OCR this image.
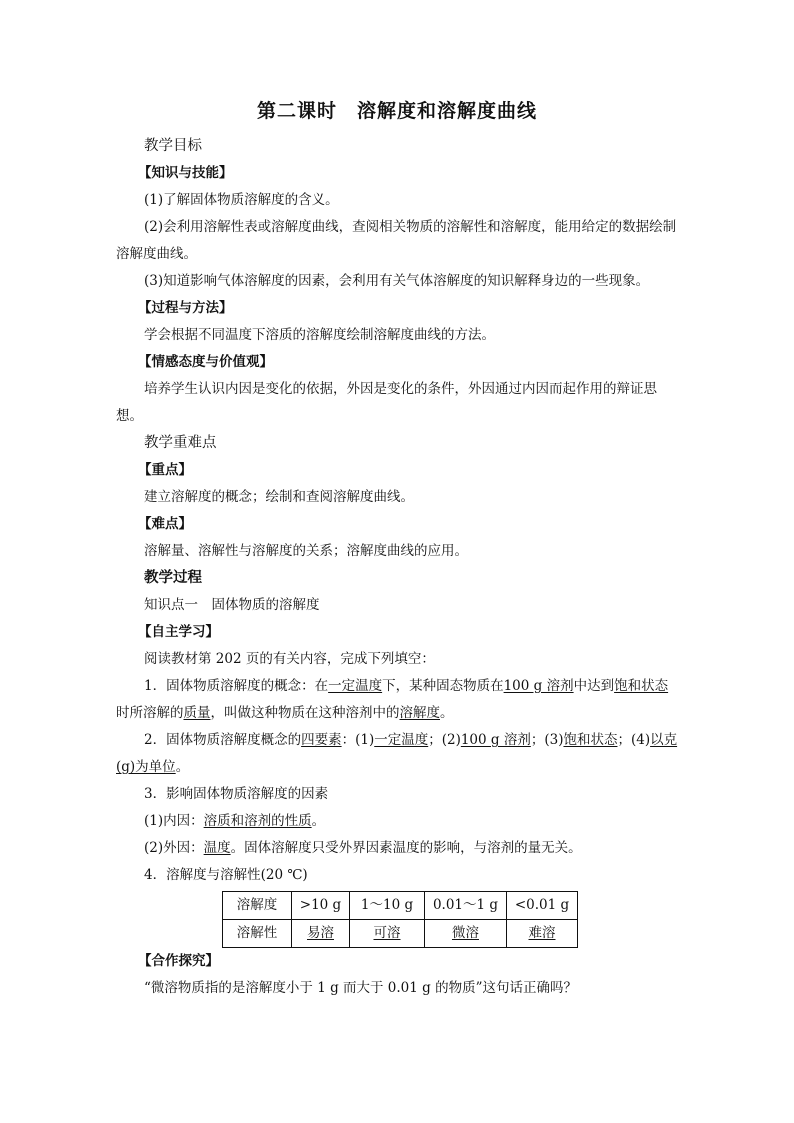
第二课时　溶解度和溶解度曲线

教学目标

【知识与技能】

(1)了解固体物质溶解度的含义。

(2)会利用溶解性表或溶解度曲线，查阅相关物质的溶解性和溶解度，能用给定的数据绘制溶解度曲线。

(3)知道影响气体溶解度的因素，会利用有关气体溶解度的知识解释身边的一些现象。

【过程与方法】

学会根据不同温度下溶质的溶解度绘制溶解度曲线的方法。

【情感态度与价值观】

培养学生认识内因是变化的依据，外因是变化的条件，外因通过内因而起作用的辩证思想。

教学重难点

【重点】

建立溶解度的概念；绘制和查阅溶解度曲线。

【难点】

溶解量、溶解性与溶解度的关系；溶解度曲线的应用。

教学过程

知识点一　固体物质的溶解度

【自主学习】

阅读教材第 202 页的有关内容，完成下列填空：

1．固体物质溶解度的概念：在一定温度下，某种固态物质在100 g 溶剂中达到饱和状态时所溶解的质量，叫做这种物质在这种溶剂中的溶解度。

2．固体物质溶解度概念的四要素：(1)一定温度；(2)100 g 溶剂；(3)饱和状态；(4)以克(g)为单位。

3．影响固体物质溶解度的因素

(1)内因：溶质和溶剂的性质。

(2)外因：温度。固体溶解度只受外界因素温度的影响，与溶剂的量无关。

4．溶解度与溶解性(20 ℃)

溶解度	>10 g	1～10 g	0.01～1 g	<0.01 g
溶解性	易溶	可溶	微溶	难溶

【合作探究】

“微溶物质指的是溶解度小于 1 g 而大于 0.01 g 的物质”这句话正确吗？
